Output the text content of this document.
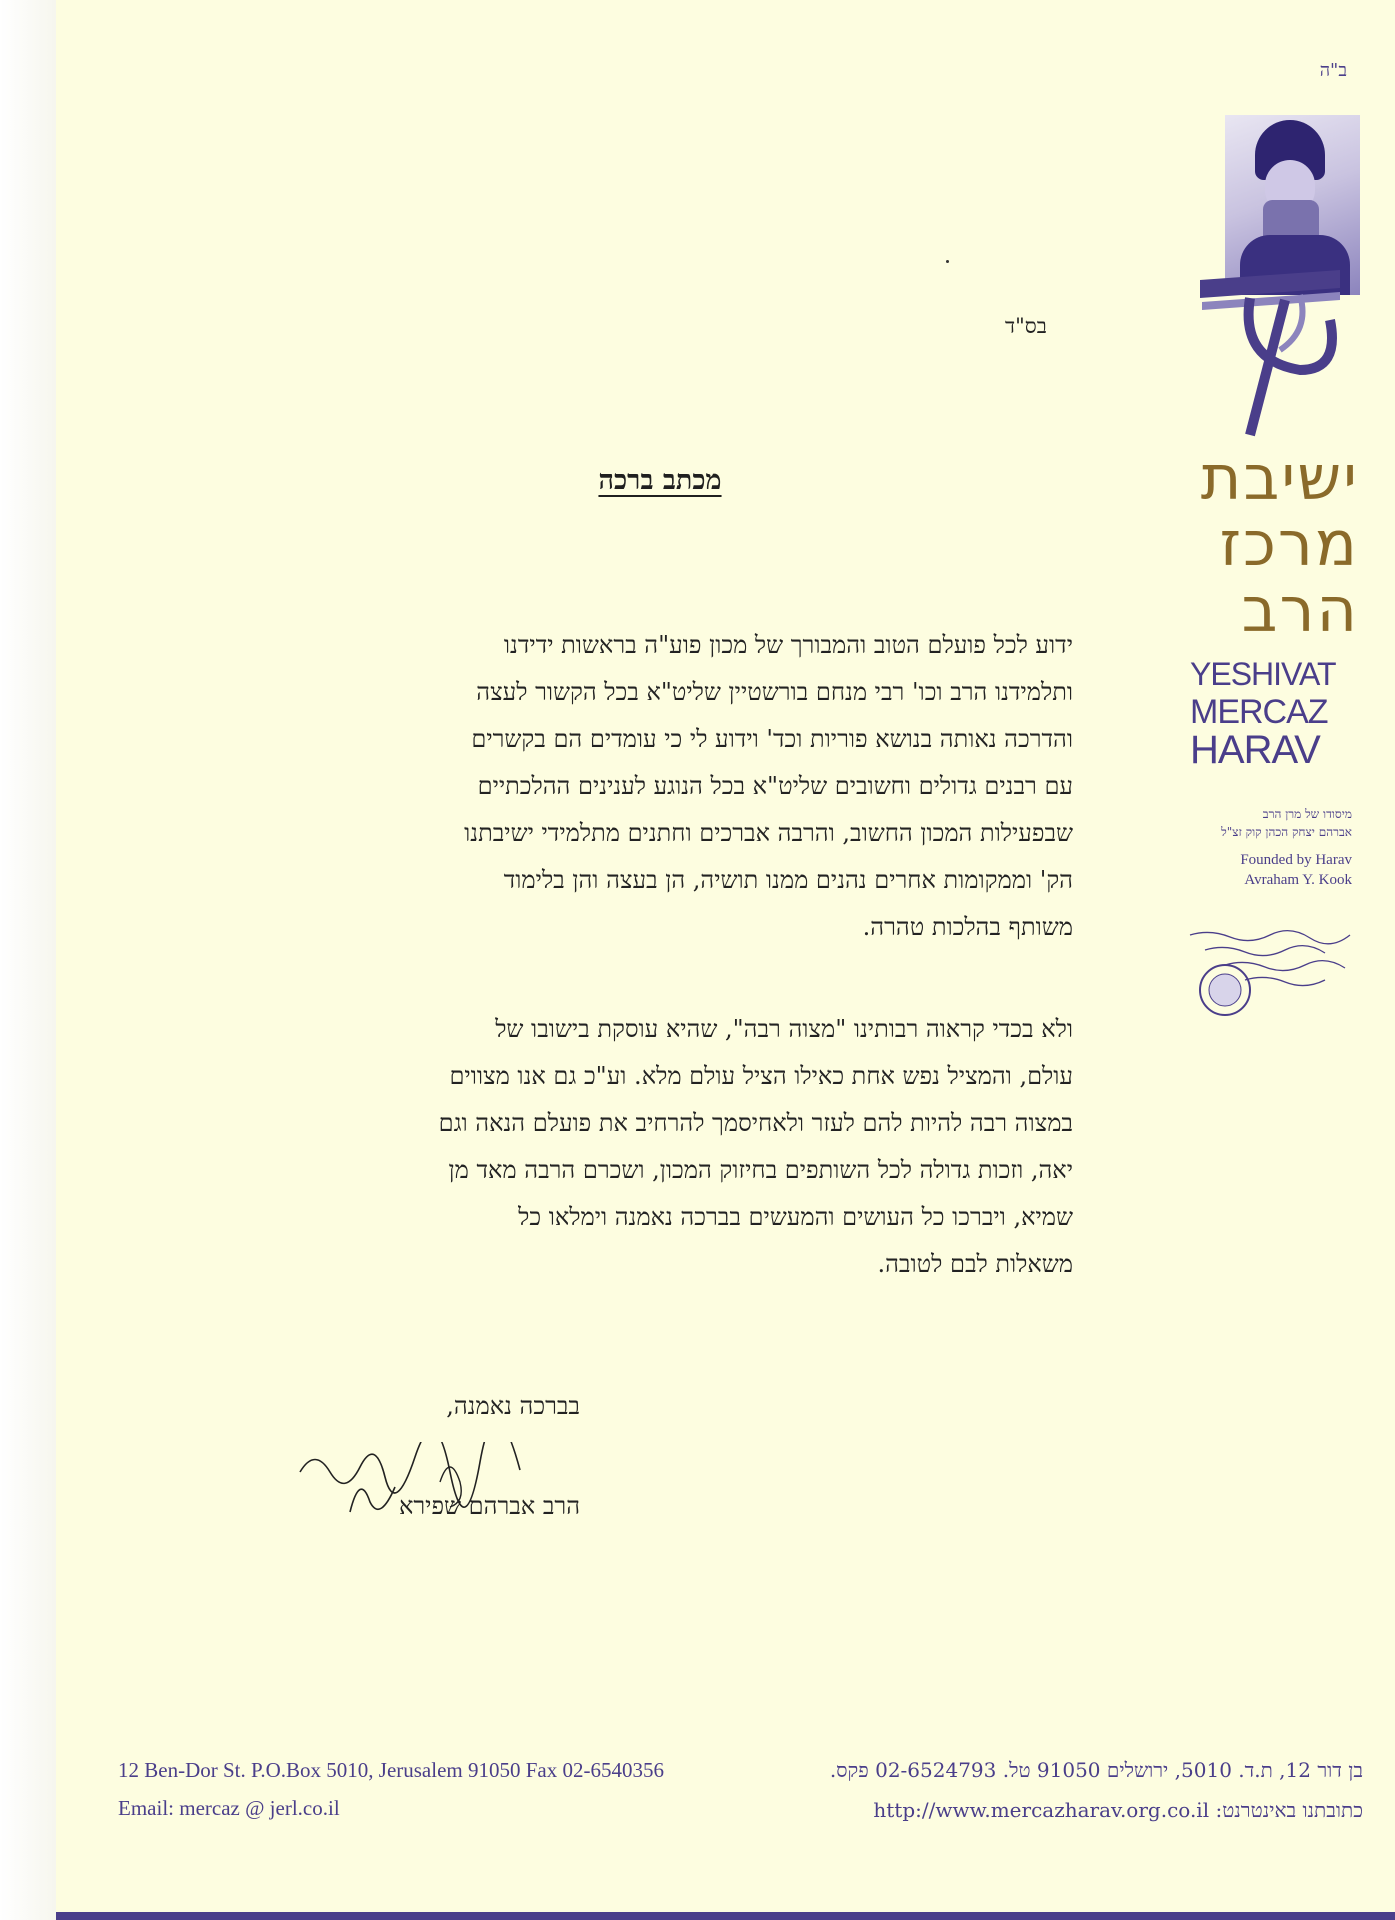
ב"ה
ישיבת
מרכז
הרב
YESHIVAT
MERCAZ
HARAV
מיסודו של מרן הרב
אברהם יצחק הכהן קוק זצ"ל
Founded by Harav
Avraham Y. Kook
בס"ד
מכתב ברכה
ידוע לכל פועלם הטוב והמבורך של מכון פוע"ה בראשות ידידנו
ותלמידנו הרב וכו' רבי מנחם בורשטיין שליט"א בכל הקשור לעצה
והדרכה נאותה בנושא פוריות וכד' וידוע לי כי עומדים הם בקשרים
עם רבנים גדולים וחשובים שליט"א בכל הנוגע לענינים ההלכתיים
שבפעילות המכון החשוב, והרבה אברכים וחתנים מתלמידי ישיבתנו
הק' וממקומות אחרים נהנים ממנו תושיה, הן בעצה והן בלימוד
משותף בהלכות טהרה.
ולא בכדי קראוה רבותינו "מצוה רבה", שהיא עוסקת בישובו של
עולם, והמציל נפש אחת כאילו הציל עולם מלא. וע"כ גם אנו מצווים
במצוה רבה להיות להם לעזר ולאחיסמך להרחיב את פועלם הנאה וגם
יאה, וזכות גדולה לכל השותפים בחיזוק המכון, ושכרם הרבה מאד מן
שמיא, ויברכו כל העושים והמעשים בברכה נאמנה וימלאו כל
משאלות לבם לטובה.
בברכה נאמנה,
הרב אברהם שפירא
12 Ben-Dor St. P.O.Box 5010, Jerusalem 91050 Fax 02-6540356	בן דור 12, ת.ד. 5010, ירושלים 91050 טל. 02-6524793 פקס.
Email: mercaz @ jerl.co.il	כתובתנו באינטרנט: http://www.mercazharav.org.co.il
